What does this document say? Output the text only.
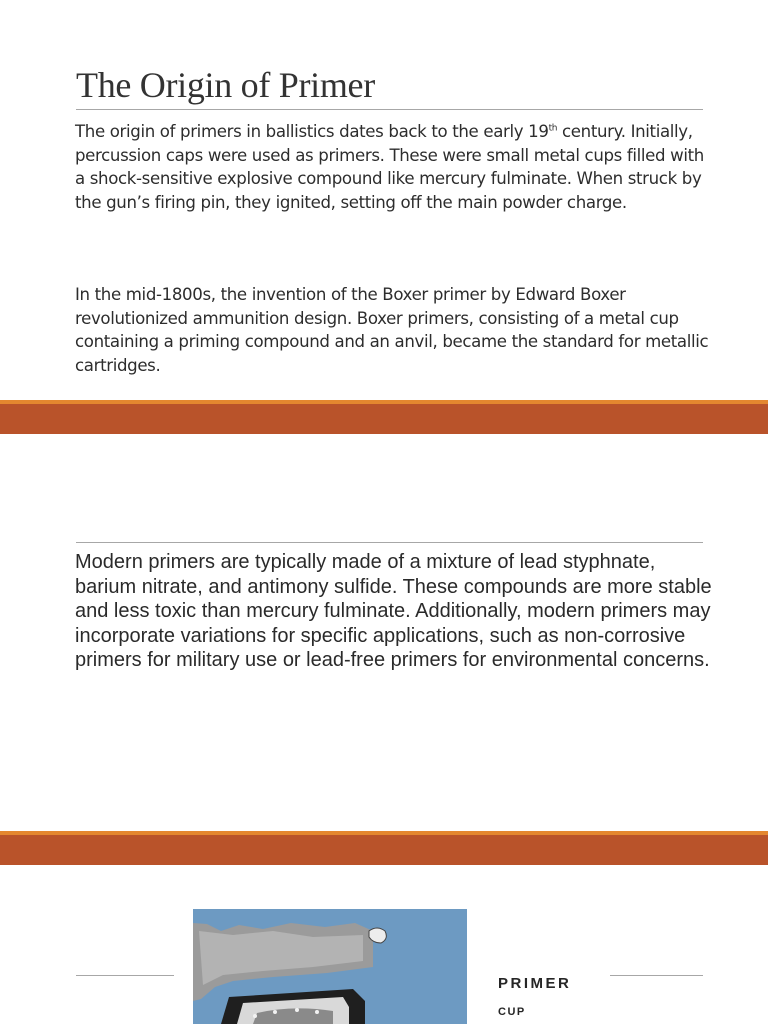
The Origin of Primer

The origin of primers in ballistics dates back to the early 19th century. Initially, percussion caps were used as primers. These were small metal cups filled with a shock-sensitive explosive compound like mercury fulminate. When struck by the gun’s firing pin, they ignited, setting off the main powder charge.

In the mid-1800s, the invention of the Boxer primer by Edward Boxer revolutionized ammunition design. Boxer primers, consisting of a metal cup containing a priming compound and an anvil, became the standard for metallic cartridges.

Modern primers are typically made of a mixture of lead styphnate, barium nitrate, and antimony sulfide. These compounds are more stable and less toxic than mercury fulminate. Additionally, modern primers may incorporate variations for specific applications, such as non-corrosive primers for military use or lead-free primers for environmental concerns.

PRIMER
CUP
